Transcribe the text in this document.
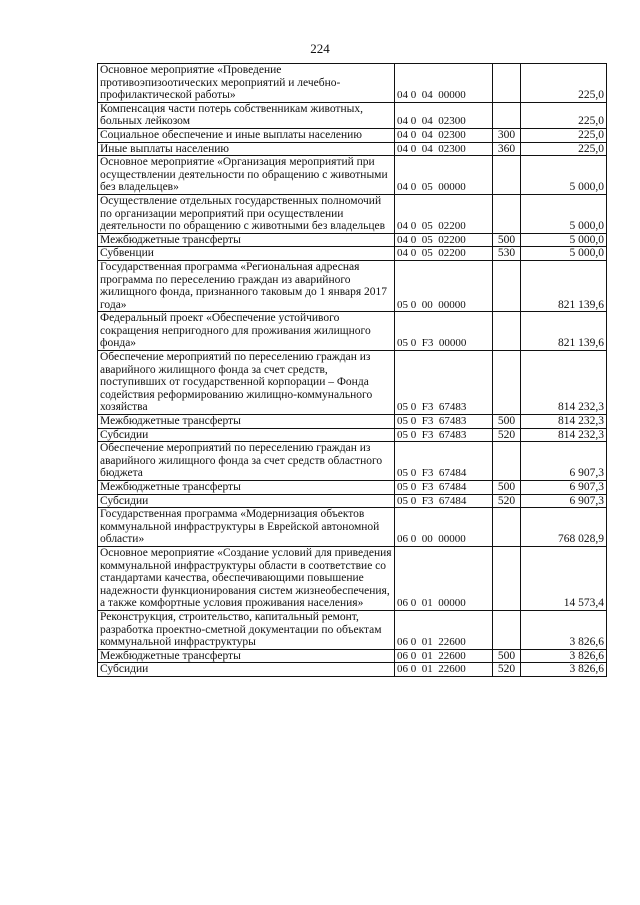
224
Основное мероприятие «Проведение противоэпизоотических мероприятий и лечебно-профилактической работы»	04 0  04  00000		225,0
Компенсация части потерь собственникам животных, больных лейкозом	04 0  04  02300		225,0
Социальное обеспечение и иные выплаты населению	04 0  04  02300	300	225,0
Иные выплаты населению	04 0  04  02300	360	225,0
Основное мероприятие «Организация мероприятий при осуществлении деятельности по обращению с животными без владельцев»	04 0  05  00000		5 000,0
Осуществление отдельных государственных полномочий по организации мероприятий при осуществлении деятельности по обращению с животными без владельцев	04 0  05  02200		5 000,0
Межбюджетные трансферты	04 0  05  02200	500	5 000,0
Субвенции	04 0  05  02200	530	5 000,0
Государственная программа «Региональная адресная программа по переселению граждан из аварийного жилищного фонда, признанного таковым до 1 января 2017 года»	05 0  00  00000		821 139,6
Федеральный проект «Обеспечение устойчивого сокращения непригодного для проживания жилищного фонда»	05 0  F3  00000		821 139,6
Обеспечение мероприятий по переселению граждан из аварийного жилищного фонда за счет средств, поступивших от государственной корпорации – Фонда содействия реформированию жилищно-коммунального хозяйства	05 0  F3  67483		814 232,3
Межбюджетные трансферты	05 0  F3  67483	500	814 232,3
Субсидии	05 0  F3  67483	520	814 232,3
Обеспечение мероприятий по переселению граждан из аварийного жилищного фонда за счет средств областного бюджета	05 0  F3  67484		6 907,3
Межбюджетные трансферты	05 0  F3  67484	500	6 907,3
Субсидии	05 0  F3  67484	520	6 907,3
Государственная программа «Модернизация объектов коммунальной инфраструктуры в Еврейской автономной области»	06 0  00  00000		768 028,9
Основное мероприятие «Создание условий для приведения коммунальной инфраструктуры области в соответствие со стандартами качества, обеспечивающими повышение надежности функционирования систем жизнеобеспечения, а также комфортные условия проживания населения»	06 0  01  00000		14 573,4
Реконструкция, строительство, капитальный ремонт, разработка проектно-сметной документации по объектам коммунальной инфраструктуры	06 0  01  22600		3 826,6
Межбюджетные трансферты	06 0  01  22600	500	3 826,6
Субсидии	06 0  01  22600	520	3 826,6
